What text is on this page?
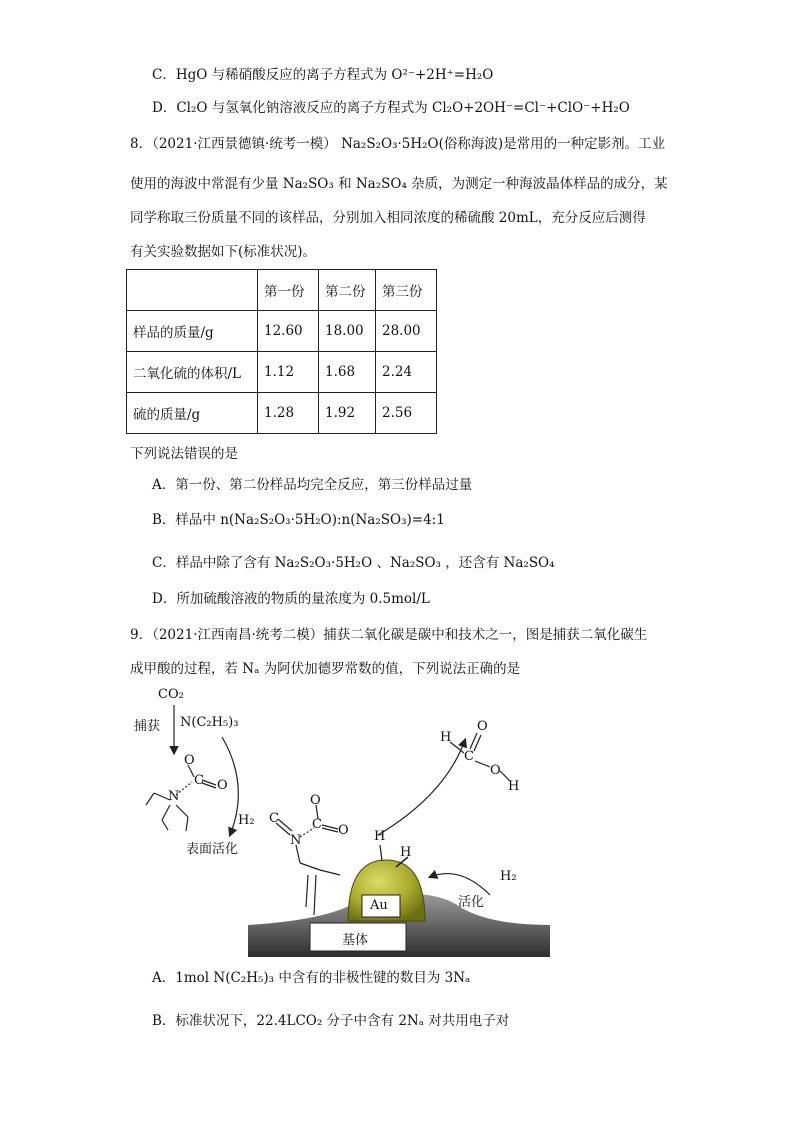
C．HgO 与稀硝酸反应的离子方程式为 O²⁻+2H⁺=H₂O
D．Cl₂O 与氢氧化钠溶液反应的离子方程式为 Cl₂O+2OH⁻=Cl⁻+ClO⁻+H₂O
8．（2021·江西景德镇·统考一模） Na₂S₂O₃·5H₂O(俗称海波)是常用的一种定影剂。工业
使用的海波中常混有少量 Na₂SO₃ 和 Na₂SO₄ 杂质，为测定一种海波晶体样品的成分，某
同学称取三份质量不同的该样品，分别加入相同浓度的稀硫酸 20mL，充分反应后测得
有关实验数据如下(标准状况)。
	第一份	第二份	第三份
样品的质量/g	12.60	18.00	28.00
二氧化硫的体积/L	1.12	1.68	2.24
硫的质量/g	1.28	1.92	2.56
下列说法错误的是
A．第一份、第二份样品均完全反应，第三份样品过量
B．样品中 n(Na₂S₂O₃·5H₂O):n(Na₂SO₃)=4:1
C．样品中除了含有 Na₂S₂O₃·5H₂O 、Na₂SO₃ ，还含有 Na₂SO₄
D．所加硫酸溶液的物质的量浓度为 0.5mol/L
9．（2021·江西南昌·统考二模）捕获二氧化碳是碳中和技术之一，图是捕获二氧化碳生
成甲酸的过程，若 Nₐ 为阿伏加德罗常数的值，下列说法正确的是
CO₂
捕获 N(C₂H₅)₃
N
C
O
O
H₂
表面活化
C
N
C
O
O H
H
H
C
O
O
H
H₂
活化
Au
基体
A．1mol N(C₂H₅)₃ 中含有的非极性键的数目为 3Nₐ
B．标准状况下，22.4LCO₂ 分子中含有 2Nₐ 对共用电子对
